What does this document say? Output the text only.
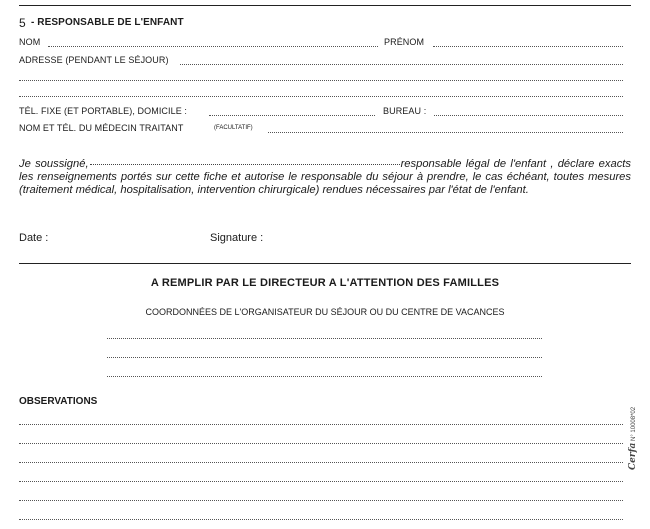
5 - RESPONSABLE DE L'ENFANT
NOM	PRÉNOM
ADRESSE (PENDANT LE SÉJOUR)
TÉL. FIXE (ET PORTABLE), DOMICILE :	BUREAU :
NOM ET TÉL. DU MÉDECIN TRAITANT	(FACULTATIF)
Je soussigné,	responsable légal de l'enfant , déclare exacts les renseignements portés sur cette fiche et autorise le responsable du séjour à prendre, le cas échéant, toutes mesures (traitement médical, hospitalisation, intervention chirurgicale) rendues nécessaires par l'état de l'enfant.
Date :	Signature :
A REMPLIR PAR LE DIRECTEUR A L'ATTENTION DES FAMILLES
COORDONNÉES DE L'ORGANISATEUR DU SÉJOUR OU DU CENTRE DE VACANCES
OBSERVATIONS
Cerfa N° 10008*02
